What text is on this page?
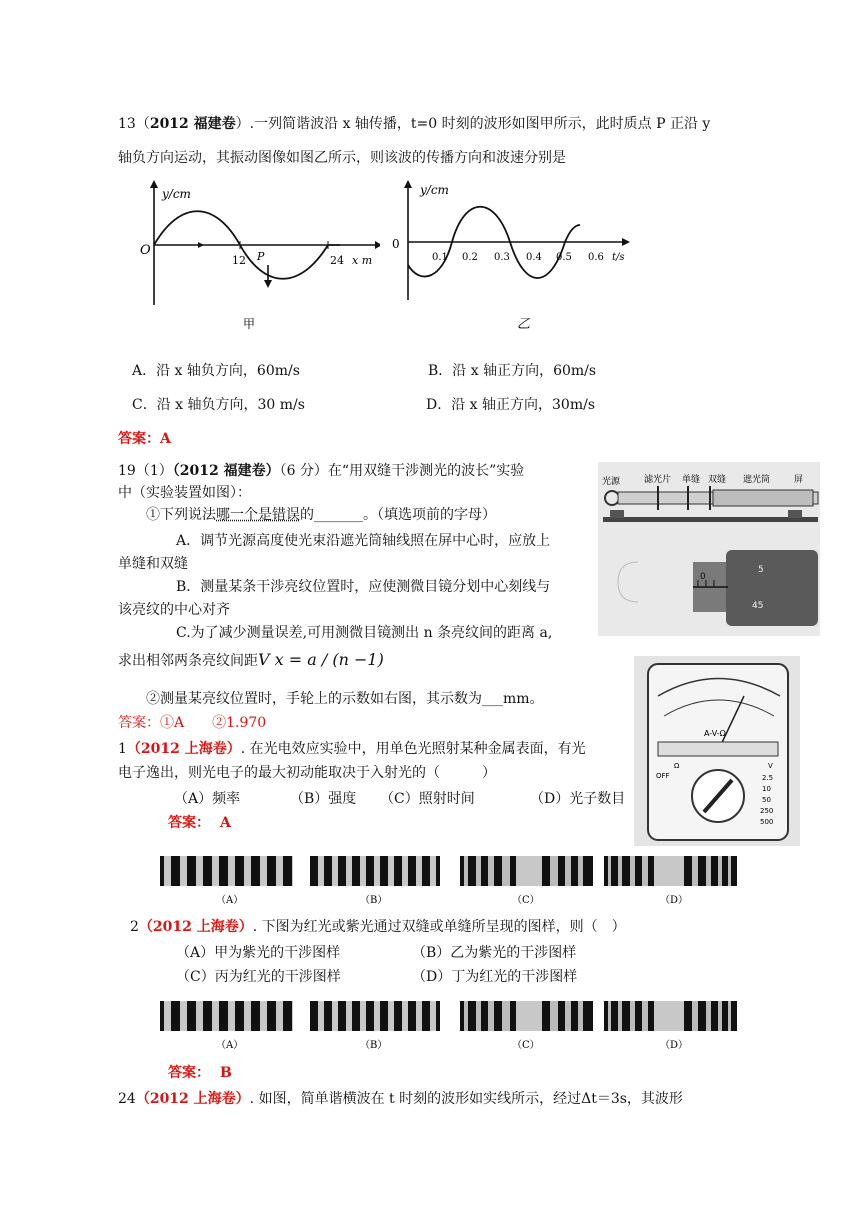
13（2012 福建卷）.一列简谐波沿 x 轴传播，t=0 时刻的波形如图甲所示，此时质点 P 正沿 y
轴负方向运动，其振动图像如图乙所示，则该波的传播方向和波速分别是
y/cm
O
12 P	24 x m
甲
y/cm
0
0.1 0.2 0.3 0.4 0.5 0.6 t/s
乙
A．沿 x 轴负方向，60m/s	B．沿 x 轴正方向，60m/s
C．沿 x 轴负方向，30 m/s	D．沿 x 轴正方向，30m/s
答案：A
19（1）（2012 福建卷）（6 分）在“用双缝干涉测光的波长”实验
中（实验装置如图）：
①下列说法哪一个是错误的_______。（填选项前的字母）
A．调节光源高度使光束沿遮光筒轴线照在屏中心时，应放上
单缝和双缝
B．测量某条干涉亮纹位置时，应使测微目镜分划中心刻线与
该亮纹的中心对齐
C.为了减少测量误差,可用测微目镜测出 n 条亮纹间的距离 a,
求出相邻两条亮纹间距V x = a / (n −1)
②测量某亮纹位置时，手轮上的示数如右图，其示数为___mm。
答案：①A　　②1.970
光源	滤光片 单缝 双缝 遮光筒	屏
0
5
45
1（2012 上海卷）. 在光电效应实验中，用单色光照射某种金属表面，有光
电子逸出，则光电子的最大初动能取决于入射光的（　　　）
（A）频率	（B）强度 （C）照射时间	（D）光子数目
答案： A
A-V-Ω
OFF
Ω	V
2.5
10
50
250
500
（A）	（B）	（C）	（D）
2（2012 上海卷）. 下图为红光或紫光通过双缝或单缝所呈现的图样，则（　）
（A）甲为紫光的干涉图样	（B）乙为紫光的干涉图样
（C）丙为红光的干涉图样	（D）丁为红光的干涉图样
（A）	（B）	（C）	（D）
答案： B
24（2012 上海卷）. 如图，简单谐横波在 t 时刻的波形如实线所示，经过Δt＝3s，其波形
